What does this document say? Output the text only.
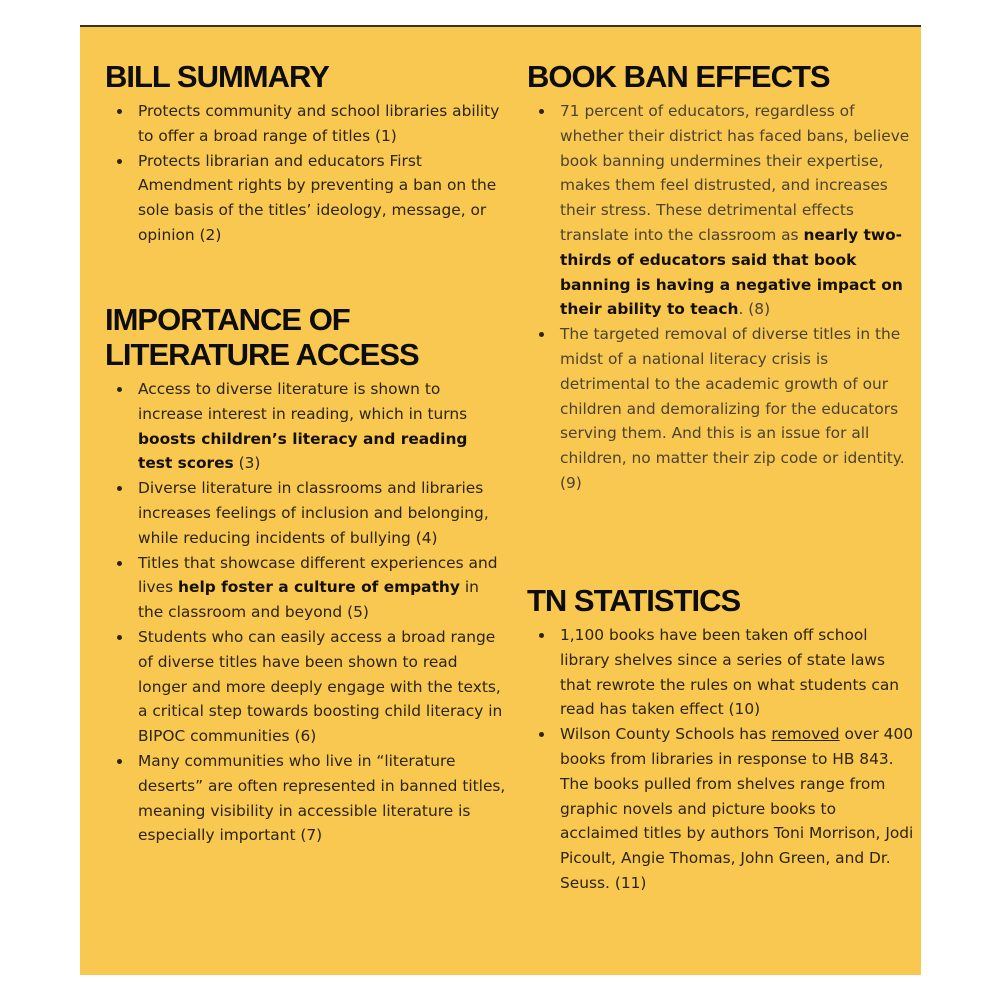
BILL SUMMARY
Protects community and school libraries ability to offer a broad range of titles (1)
Protects librarian and educators First Amendment rights by preventing a ban on the sole basis of the titles’ ideology, message, or opinion (2)
IMPORTANCE OF
LITERATURE ACCESS
Access to diverse literature is shown to increase interest in reading, which in turns boosts children’s literacy and reading test scores (3)
Diverse literature in classrooms and libraries increases feelings of inclusion and belonging, while reducing incidents of bullying (4)
Titles that showcase different experiences and lives help foster a culture of empathy in the classroom and beyond (5)
Students who can easily access a broad range of diverse titles have been shown to read longer and more deeply engage with the texts, a critical step towards boosting child literacy in BIPOC communities (6)
Many communities who live in “literature deserts” are often represented in banned titles, meaning visibility in accessible literature is especially important (7)
BOOK BAN EFFECTS
71 percent of educators, regardless of whether their district has faced bans, believe book banning undermines their expertise, makes them feel distrusted, and increases their stress. These detrimental effects translate into the classroom as nearly two-thirds of educators said that book banning is having a negative impact on their ability to teach. (8)
The targeted removal of diverse titles in the midst of a national literacy crisis is detrimental to the academic growth of our children and demoralizing for the educators serving them. And this is an issue for all children, no matter their zip code or identity. (9)
TN STATISTICS
1,100 books have been taken off school library shelves since a series of state laws that rewrote the rules on what students can read has taken effect (10)
Wilson County Schools has removed over 400 books from libraries in response to HB 843. The books pulled from shelves range from graphic novels and picture books to acclaimed titles by authors Toni Morrison, Jodi Picoult, Angie Thomas, John Green, and Dr. Seuss. (11)
